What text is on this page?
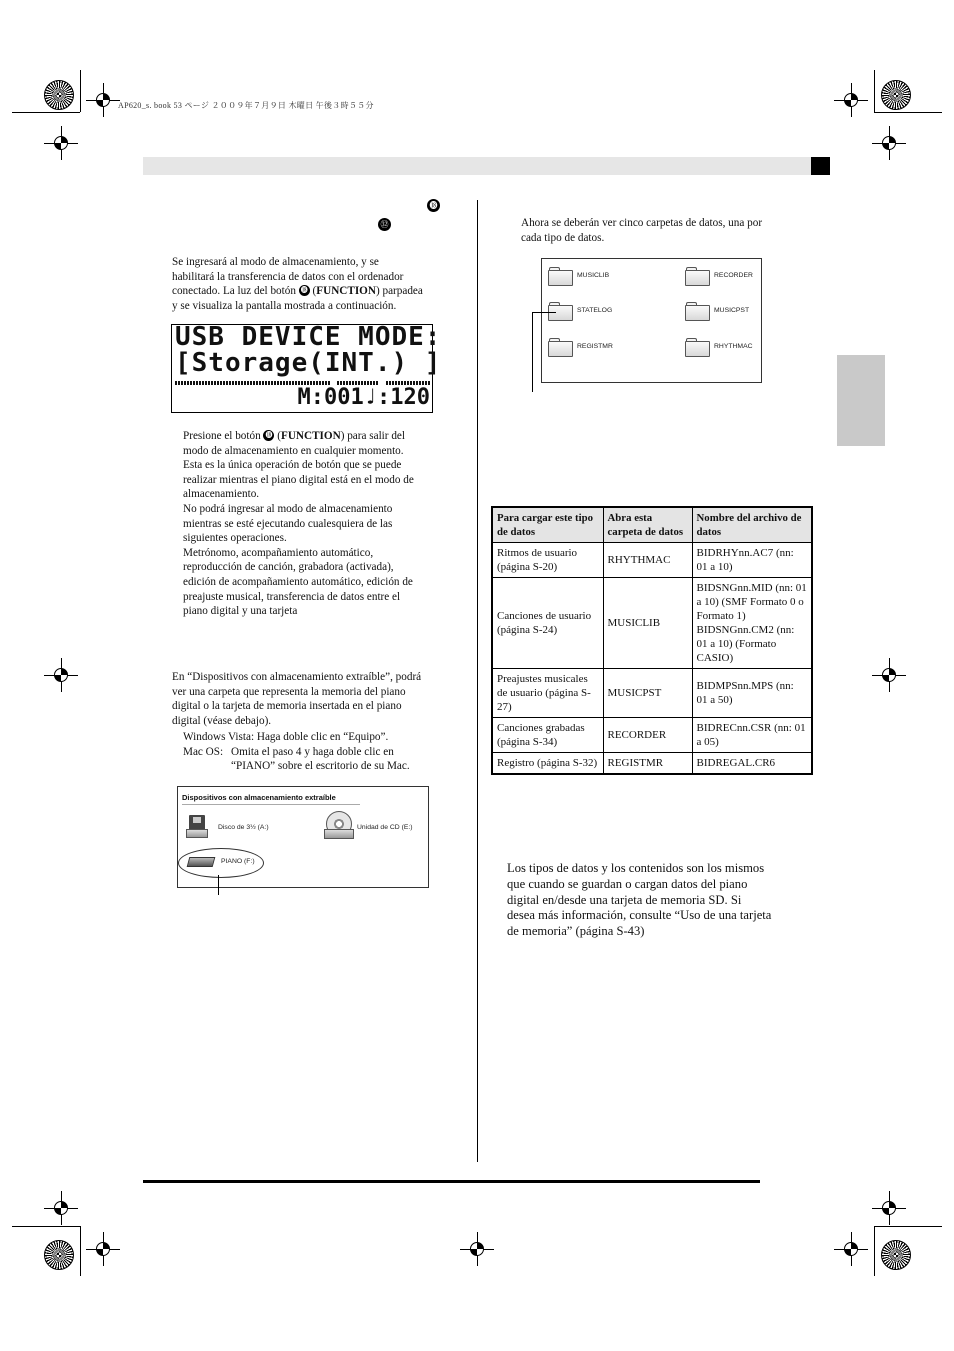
AP620_s. book 53 ページ ２００９年７月９日 木曜日 午後３時５５分
⓲
㉜
Se ingresará al modo de almacenamiento, y se
habilitará la transferencia de datos con el ordenador
conectado. La luz del botón ⓲ (FUNCTION) parpadea
y se visualiza la pantalla mostrada a continuación.
USB DEVICE MODE:
[Storage(INT.) ]
M:001♩:120
Presione el botón ⓲ (FUNCTION) para salir del
modo de almacenamiento en cualquier momento.
Esta es la única operación de botón que se puede
realizar mientras el piano digital está en el modo de
almacenamiento.
No podrá ingresar al modo de almacenamiento
mientras se esté ejecutando cualesquiera de las
siguientes operaciones.
Metrónomo, acompañamiento automático,
reproducción de canción, grabadora (activada),
edición de acompañamiento automático, edición de
preajuste musical, transferencia de datos entre el
piano digital y una tarjeta
En “Dispositivos con almacenamiento extraíble”, podrá
ver una carpeta que representa la memoria del piano
digital o la tarjeta de memoria insertada en el piano
digital (véase debajo).
Windows Vista: Haga doble clic en “Equipo”.
Mac OS: Omita el paso 4 y haga doble clic en
“PIANO” sobre el escritorio de su Mac.
Dispositivos con almacenamiento extraíble
Disco de 3½ (A:)	Unidad de CD (E:)
PIANO (F:)
Ahora se deberán ver cinco carpetas de datos, una por
cada tipo de datos.
MUSICLIB	RECORDER
STATELOG	MUSICPST
REGISTMR	RHYTHMAC
Para cargar este tipo de datos	Abra esta carpeta de datos	Nombre del archivo de datos
Ritmos de usuario (página S-20)	RHYTHMAC	BIDRHYnn.AC7 (nn: 01 a 10)
Canciones de usuario (página S-24)	MUSICLIB	BIDSNGnn.MID (nn: 01 a 10) (SMF Formato 0 o Formato 1) BIDSNGnn.CM2 (nn: 01 a 10) (Formato CASIO)
Preajustes musicales de usuario (página S-27)	MUSICPST	BIDMPSnn.MPS (nn: 01 a 50)
Canciones grabadas (página S-34)	RECORDER	BIDRECnn.CSR (nn: 01 a 05)
Registro (página S-32)	REGISTMR	BIDREGAL.CR6
Los tipos de datos y los contenidos son los mismos
que cuando se guardan o cargan datos del piano
digital en/desde una tarjeta de memoria SD. Si
desea más información, consulte “Uso de una tarjeta
de memoria” (página S-43)
